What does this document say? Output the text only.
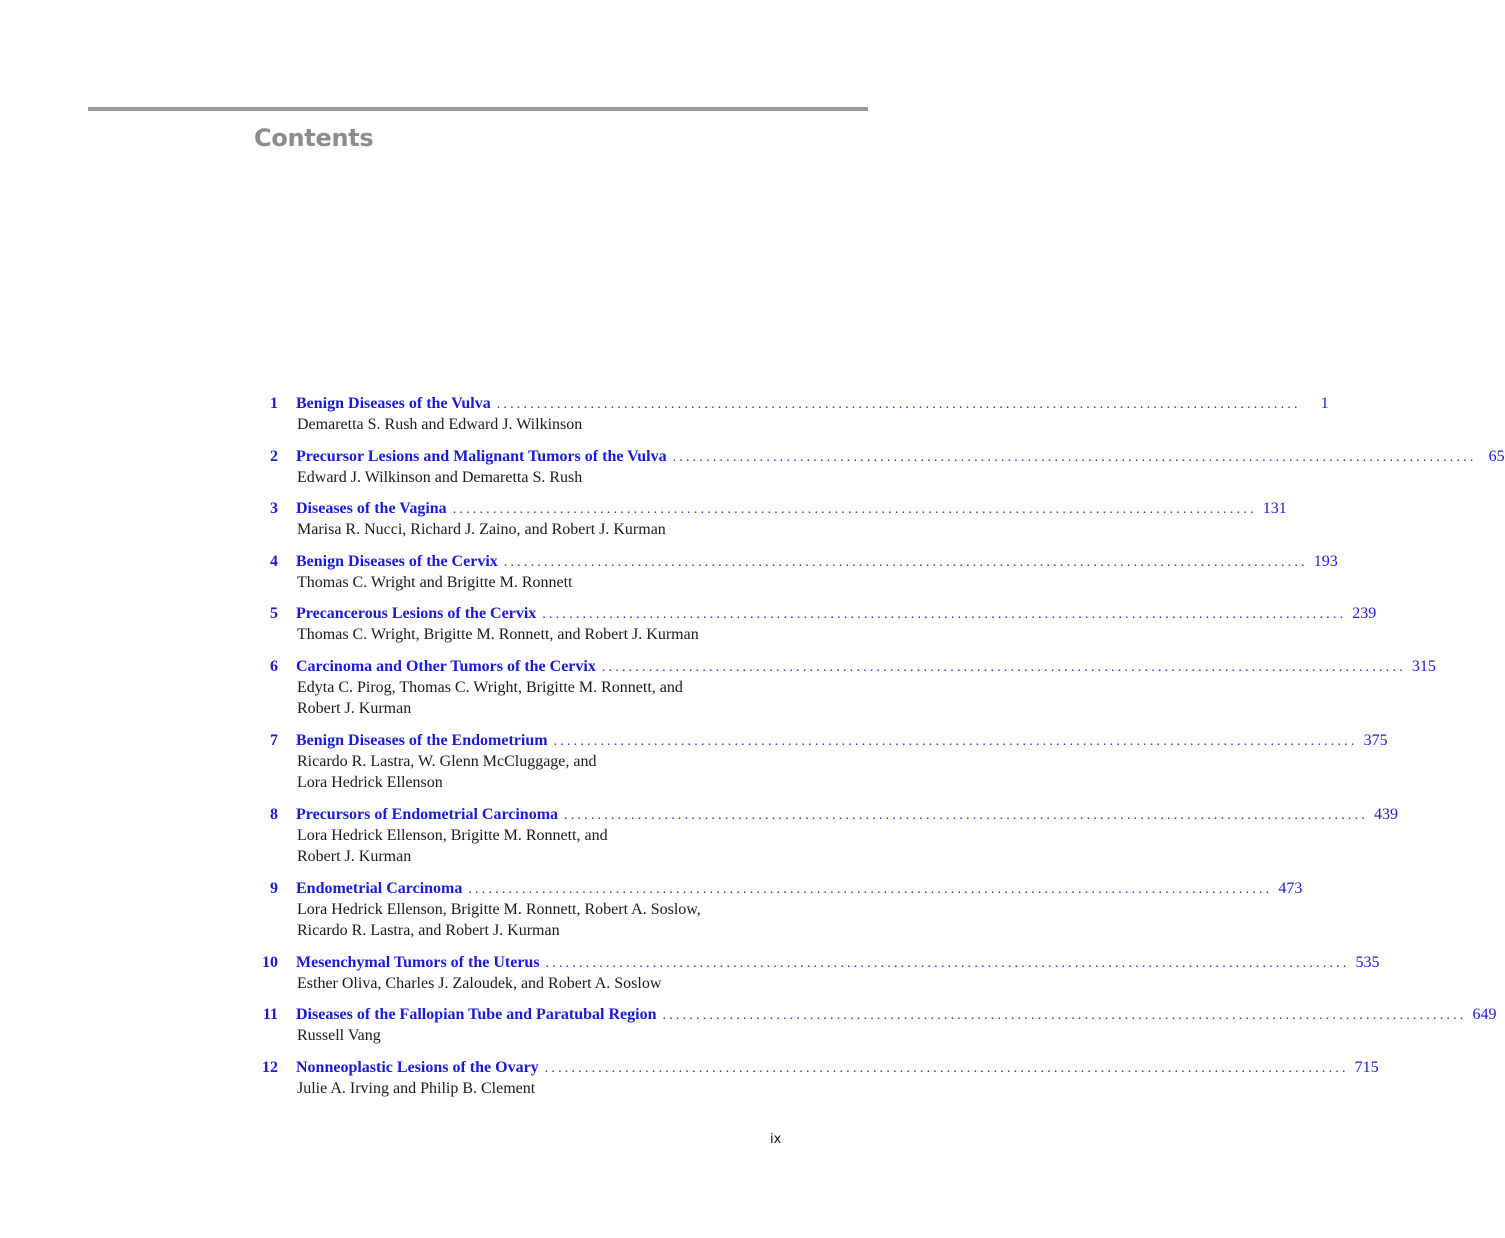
Contents
1	Benign Diseases of the Vulva ........................................................................................................................	1
Demaretta S. Rush and Edward J. Wilkinson
2	Precursor Lesions and Malignant Tumors of the Vulva ........................................................................................................................ 65
Edward J. Wilkinson and Demaretta S. Rush
3	Diseases of the Vagina ........................................................................................................................ 131
Marisa R. Nucci, Richard J. Zaino, and Robert J. Kurman
4	Benign Diseases of the Cervix ........................................................................................................................ 193
Thomas C. Wright and Brigitte M. Ronnett
5	Precancerous Lesions of the Cervix ........................................................................................................................ 239
Thomas C. Wright, Brigitte M. Ronnett, and Robert J. Kurman
6	Carcinoma and Other Tumors of the Cervix ........................................................................................................................ 315
Edyta C. Pirog, Thomas C. Wright, Brigitte M. Ronnett, and
Robert J. Kurman
7	Benign Diseases of the Endometrium ........................................................................................................................ 375
Ricardo R. Lastra, W. Glenn McCluggage, and
Lora Hedrick Ellenson
8	Precursors of Endometrial Carcinoma ........................................................................................................................ 439
Lora Hedrick Ellenson, Brigitte M. Ronnett, and
Robert J. Kurman
9	Endometrial Carcinoma ........................................................................................................................ 473
Lora Hedrick Ellenson, Brigitte M. Ronnett, Robert A. Soslow,
Ricardo R. Lastra, and Robert J. Kurman
10	Mesenchymal Tumors of the Uterus ........................................................................................................................ 535
Esther Oliva, Charles J. Zaloudek, and Robert A. Soslow
11	Diseases of the Fallopian Tube and Paratubal Region ........................................................................................................................ 649
Russell Vang
12	Nonneoplastic Lesions of the Ovary ........................................................................................................................ 715
Julie A. Irving and Philip B. Clement
ix
